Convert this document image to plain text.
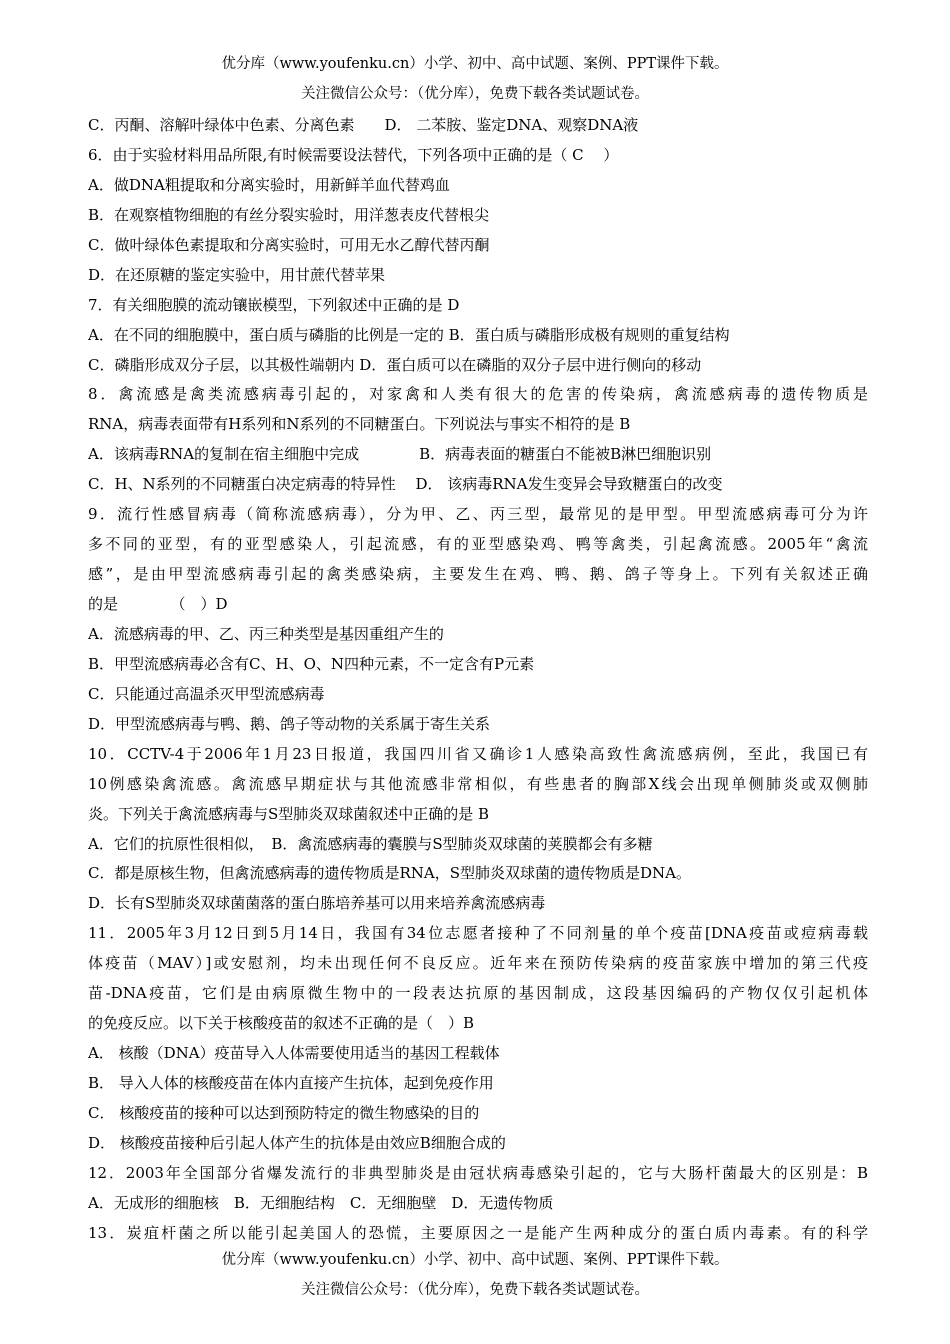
优分库（www.youfenku.cn）小学、初中、高中试题、案例、PPT课件下载。
关注微信公众号：（优分库），免费下载各类试题试卷。
C．丙酮、溶解叶绿体中色素、分离色素　　D． 二苯胺、鉴定DNA、观察DNA液
6．由于实验材料用品所限,有时候需要设法替代，下列各项中正确的是（ C　 ）
A．做DNA粗提取和分离实验时，用新鲜羊血代替鸡血
B．在观察植物细胞的有丝分裂实验时，用洋葱表皮代替根尖
C．做叶绿体色素提取和分离实验时，可用无水乙醇代替丙酮
D．在还原糖的鉴定实验中，用甘蔗代替苹果
7．有关细胞膜的流动镶嵌模型，下列叙述中正确的是 D
A．在不同的细胞膜中，蛋白质与磷脂的比例是一定的 B．蛋白质与磷脂形成极有规则的重复结构
C．磷脂形成双分子层，以其极性端朝内 D．蛋白质可以在磷脂的双分子层中进行侧向的移动
8．禽流感是禽类流感病毒引起的，对家禽和人类有很大的危害的传染病，禽流感病毒的遗传物质是
RNA，病毒表面带有H系列和N系列的不同糖蛋白。下列说法与事实不相符的是 B
A．该病毒RNA的复制在宿主细胞中完成　　　　B．病毒表面的糖蛋白不能被B淋巴细胞识别
C．H、N系列的不同糖蛋白决定病毒的特异性　 D． 该病毒RNA发生变异会导致糖蛋白的改变
9．流行性感冒病毒（简称流感病毒），分为甲、乙、丙三型，最常见的是甲型。甲型流感病毒可分为许
多不同的亚型，有的亚型感染人，引起流感，有的亚型感染鸡、鸭等禽类，引起禽流感。2005年“禽流
感”，是由甲型流感病毒引起的禽类感染病，主要发生在鸡、鸭、鹅、鸽子等身上。下列有关叙述正确
的是　　　　（　）D
A．流感病毒的甲、乙、丙三种类型是基因重组产生的
B．甲型流感病毒必含有C、H、O、N四种元素，不一定含有P元素
C．只能通过高温杀灭甲型流感病毒
D．甲型流感病毒与鸭、鹅、鸽子等动物的关系属于寄生关系
10．CCTV-4于2006年1月23日报道，我国四川省又确诊1人感染高致性禽流感病例，至此，我国已有
10例感染禽流感。禽流感早期症状与其他流感非常相似，有些患者的胸部X线会出现单侧肺炎或双侧肺
炎。下列关于禽流感病毒与S型肺炎双球菌叙述中正确的是 B
A．它们的抗原性很相似，　B．禽流感病毒的囊膜与S型肺炎双球菌的荚膜都会有多糖
C．都是原核生物，但禽流感病毒的遗传物质是RNA，S型肺炎双球菌的遗传物质是DNA。
D．长有S型肺炎双球菌菌落的蛋白胨培养基可以用来培养禽流感病毒
11．2005年3月12日到5月14日，我国有34位志愿者接种了不同剂量的单个疫苗[DNA疫苗或痘病毒载
体疫苗（MAV）]或安慰剂，均未出现任何不良反应。近年来在预防传染病的疫苗家族中增加的第三代疫
苗-DNA疫苗，它们是由病原微生物中的一段表达抗原的基因制成，这段基因编码的产物仅仅引起机体
的免疫反应。以下关于核酸疫苗的叙述不正确的是（　）B
A． 核酸（DNA）疫苗导入人体需要使用适当的基因工程载体
B． 导入人体的核酸疫苗在体内直接产生抗体，起到免疫作用
C． 核酸疫苗的接种可以达到预防特定的微生物感染的目的
D． 核酸疫苗接种后引起人体产生的抗体是由效应B细胞合成的
12．2003年全国部分省爆发流行的非典型肺炎是由冠状病毒感染引起的，它与大肠杆菌最大的区别是：B
A．无成形的细胞核　B．无细胞结构　C．无细胞壁　D．无遗传物质
13．炭疽杆菌之所以能引起美国人的恐慌，主要原因之一是能产生两种成分的蛋白质内毒素。有的科学
优分库（www.youfenku.cn）小学、初中、高中试题、案例、PPT课件下载。
关注微信公众号：（优分库），免费下载各类试题试卷。
